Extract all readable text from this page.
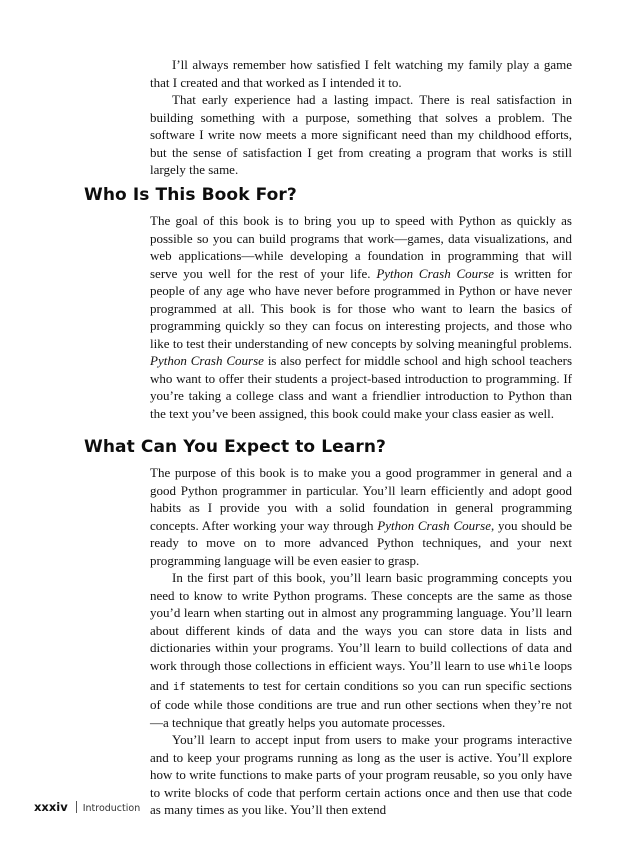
I’ll always remember how satisfied I felt watching my family play a game that I created and that worked as I intended it to.

That early experience had a lasting impact. There is real satisfaction in building something with a purpose, something that solves a problem. The software I write now meets a more significant need than my childhood efforts, but the sense of satisfaction I get from creating a program that works is still largely the same.

Who Is This Book For?

The goal of this book is to bring you up to speed with Python as quickly as possible so you can build programs that work—games, data visualizations, and web applications—while developing a foundation in programming that will serve you well for the rest of your life. Python Crash Course is written for people of any age who have never before programmed in Python or have never programmed at all. This book is for those who want to learn the basics of programming quickly so they can focus on interesting projects, and those who like to test their understanding of new concepts by solving meaningful problems. Python Crash Course is also perfect for middle school and high school teachers who want to offer their students a project-based introduction to programming. If you’re taking a college class and want a friendlier introduction to Python than the text you’ve been assigned, this book could make your class easier as well.

What Can You Expect to Learn?

The purpose of this book is to make you a good programmer in general and a good Python programmer in particular. You’ll learn efficiently and adopt good habits as I provide you with a solid foundation in general programming concepts. After working your way through Python Crash Course, you should be ready to move on to more advanced Python techniques, and your next programming language will be even easier to grasp.

In the first part of this book, you’ll learn basic programming concepts you need to know to write Python programs. These concepts are the same as those you’d learn when starting out in almost any programming language. You’ll learn about different kinds of data and the ways you can store data in lists and dictionaries within your programs. You’ll learn to build collections of data and work through those collections in efficient ways. You’ll learn to use while loops and if statements to test for certain conditions so you can run specific sections of code while those conditions are true and run other sections when they’re not—a technique that greatly helps you automate processes.

You’ll learn to accept input from users to make your programs interactive and to keep your programs running as long as the user is active. You’ll explore how to write functions to make parts of your program reusable, so you only have to write blocks of code that perform certain actions once and then use that code as many times as you like. You’ll then extend

xxxiv Introduction
